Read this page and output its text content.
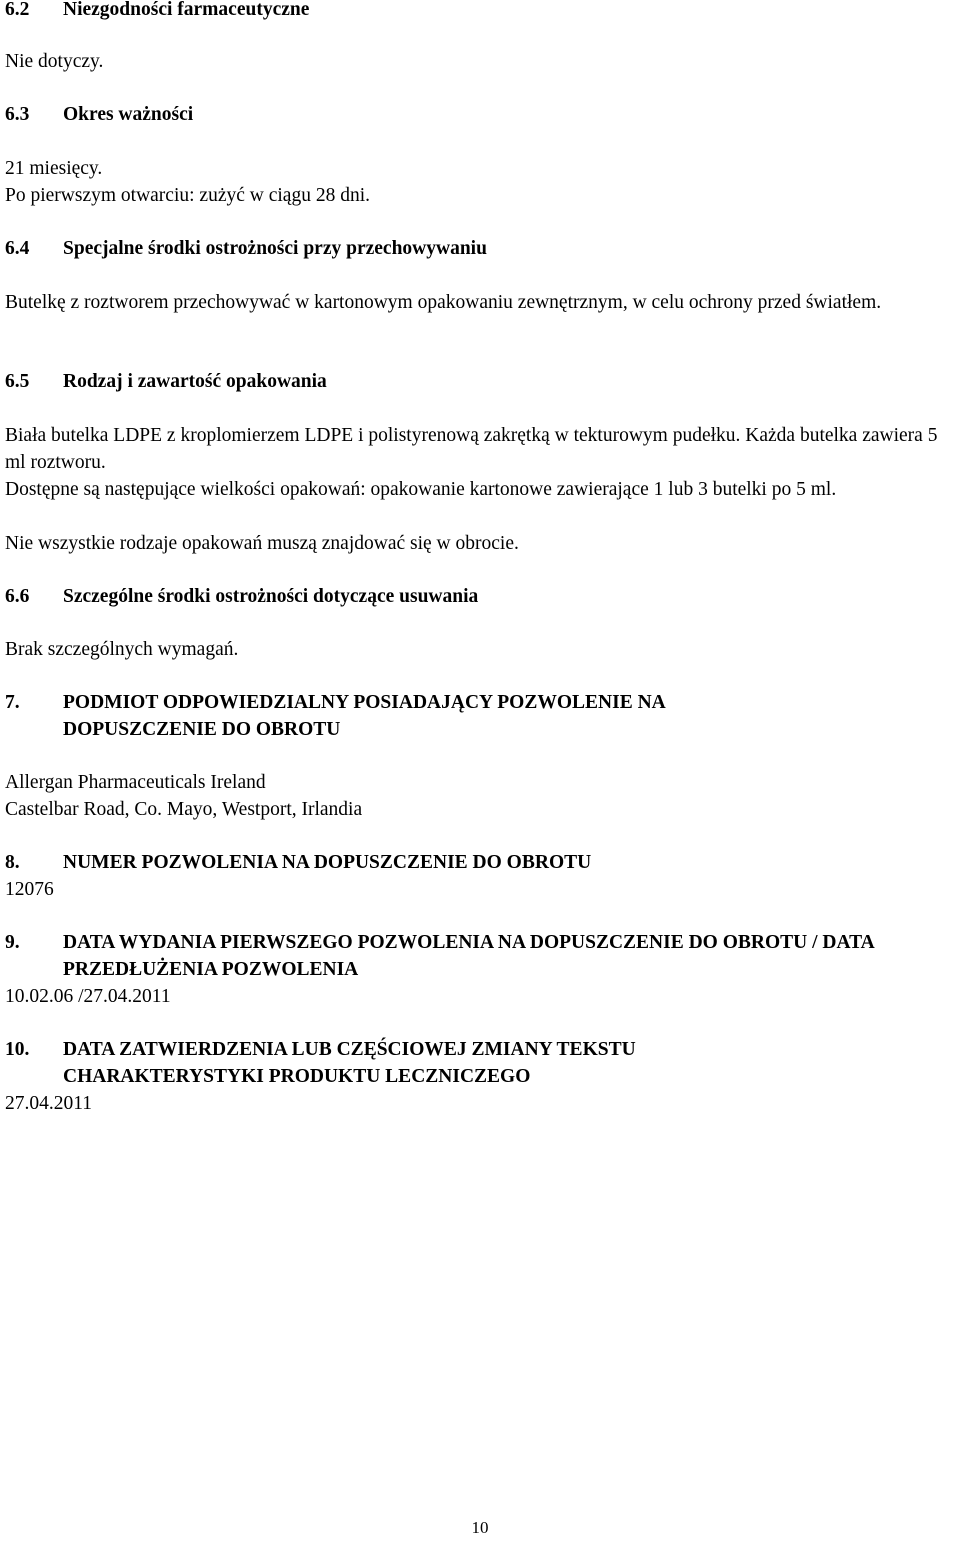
6.2	Niezgodności farmaceutyczne
Nie dotyczy.
6.3	Okres ważności
21 miesięcy.
Po pierwszym otwarciu: zużyć w ciągu 28 dni.
6.4	Specjalne środki ostrożności przy przechowywaniu
Butelkę z roztworem przechowywać w kartonowym opakowaniu zewnętrznym, w celu ochrony przed światłem.
6.5	Rodzaj i zawartość opakowania
Biała butelka LDPE z kroplomierzem LDPE i polistyrenową zakrętką w tekturowym pudełku. Każda butelka zawiera 5 ml roztworu.
Dostępne są następujące wielkości opakowań: opakowanie kartonowe zawierające 1 lub 3 butelki po 5 ml.
Nie wszystkie rodzaje opakowań muszą znajdować się w obrocie.
6.6	Szczególne środki ostrożności dotyczące usuwania
Brak szczególnych wymagań.
7.	PODMIOT ODPOWIEDZIALNY POSIADAJĄCY POZWOLENIE NA DOPUSZCZENIE DO OBROTU
Allergan Pharmaceuticals Ireland
Castelbar Road, Co. Mayo, Westport, Irlandia
8.	NUMER POZWOLENIA NA DOPUSZCZENIE DO OBROTU
12076
9.	DATA WYDANIA PIERWSZEGO POZWOLENIA NA DOPUSZCZENIE DO OBROTU / DATA PRZEDŁUŻENIA POZWOLENIA
10.02.06 /27.04.2011
10.	DATA ZATWIERDZENIA LUB CZĘŚCIOWEJ ZMIANY TEKSTU CHARAKTERYSTYKI PRODUKTU LECZNICZEGO
27.04.2011
10
